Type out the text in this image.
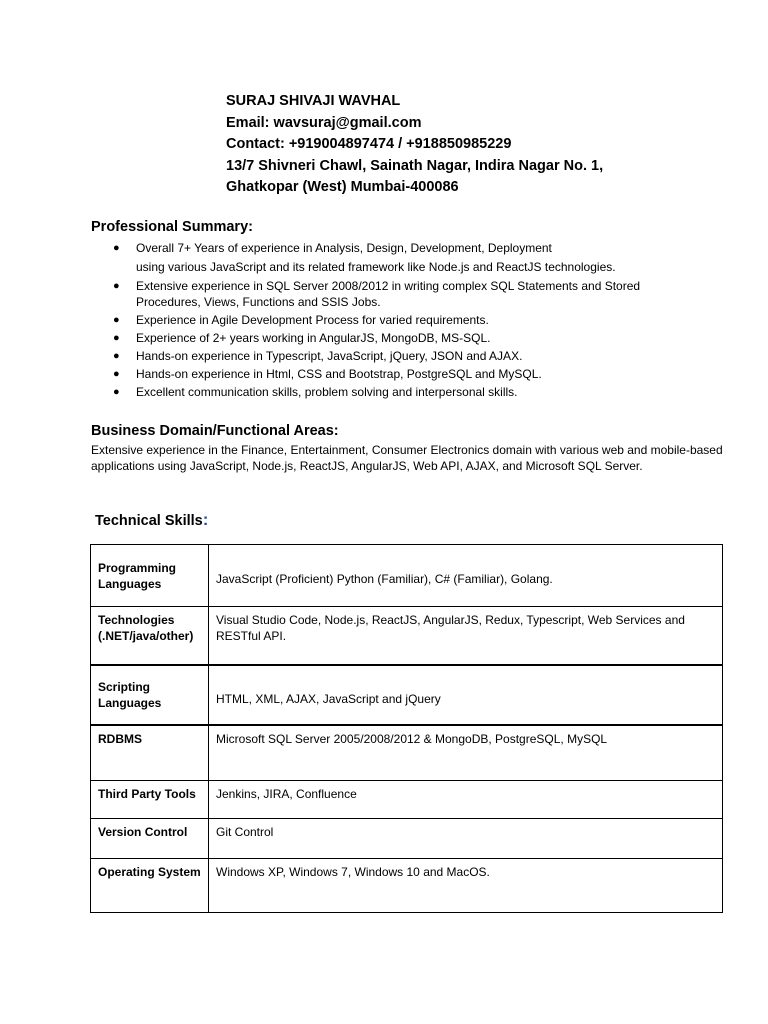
SURAJ SHIVAJI WAVHAL
Email: wavsuraj@gmail.com
Contact: +919004897474 / +918850985229
13/7 Shivneri Chawl, Sainath Nagar, Indira Nagar No. 1,
Ghatkopar (West) Mumbai-400086
Professional Summary:
● Overall 7+ Years of experience in Analysis, Design, Development, Deployment
using various JavaScript and its related framework like Node.js and ReactJS technologies.
● Extensive experience in SQL Server 2008/2012 in writing complex SQL Statements and Stored
Procedures, Views, Functions and SSIS Jobs.
● Experience in Agile Development Process for varied requirements.
● Experience of 2+ years working in AngularJS, MongoDB, MS-SQL.
● Hands-on experience in Typescript, JavaScript, jQuery, JSON and AJAX.
● Hands-on experience in Html, CSS and Bootstrap, PostgreSQL and MySQL.
● Excellent communication skills, problem solving and interpersonal skills.
Business Domain/Functional Areas:
Extensive experience in the Finance, Entertainment, Consumer Electronics domain with various web and mobile-based applications using JavaScript, Node.js, ReactJS, AngularJS, Web API, AJAX, and Microsoft SQL Server.
Technical Skills:
Programming Languages	JavaScript (Proficient) Python (Familiar), C# (Familiar), Golang.
Technologies (.NET/java/other)	Visual Studio Code, Node.js, ReactJS, AngularJS, Redux, Typescript, Web Services and RESTful API.
Scripting Languages	HTML, XML, AJAX, JavaScript and jQuery
RDBMS	Microsoft SQL Server 2005/2008/2012 & MongoDB, PostgreSQL, MySQL
Third Party Tools	Jenkins, JIRA, Confluence
Version Control	Git Control
Operating System	Windows XP, Windows 7, Windows 10 and MacOS.
